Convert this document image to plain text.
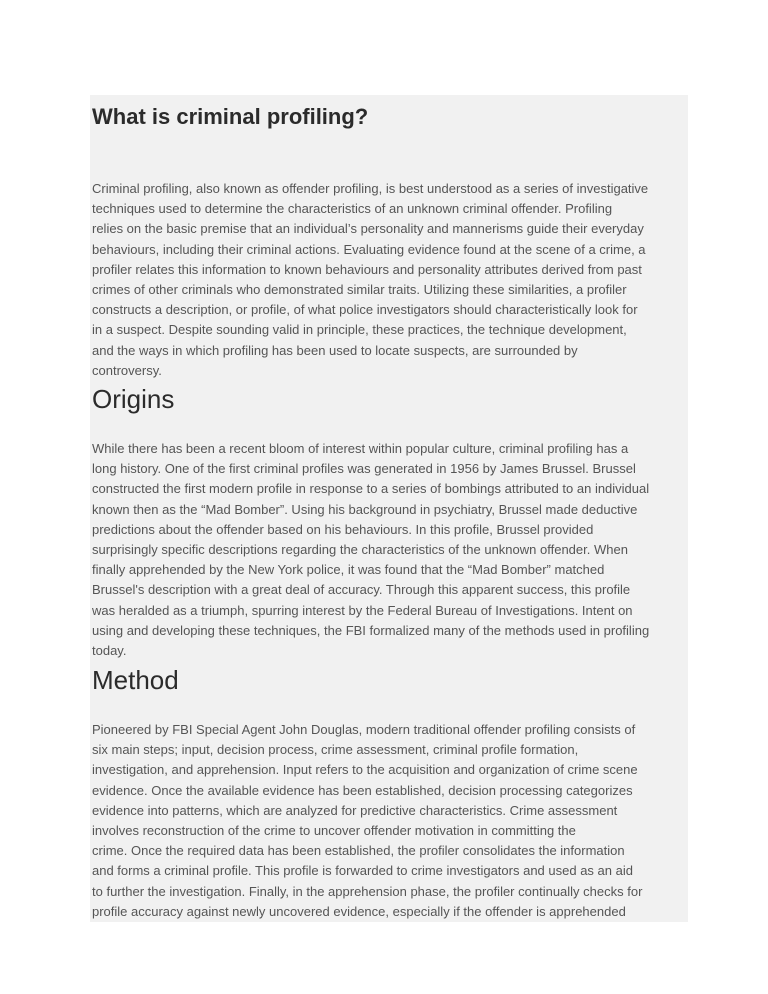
What is criminal profiling?
Criminal profiling, also known as offender profiling, is best understood as a series of investigative
techniques used to determine the characteristics of an unknown criminal offender. Profiling
relies on the basic premise that an individual’s personality and mannerisms guide their everyday
behaviours, including their criminal actions. Evaluating evidence found at the scene of a crime, a
profiler relates this information to known behaviours and personality attributes derived from past
crimes of other criminals who demonstrated similar traits. Utilizing these similarities, a profiler
constructs a description, or profile, of what police investigators should characteristically look for
in a suspect. Despite sounding valid in principle, these practices, the technique development,
and the ways in which profiling has been used to locate suspects, are surrounded by
controversy.
Origins
While there has been a recent bloom of interest within popular culture, criminal profiling has a
long history. One of the first criminal profiles was generated in 1956 by James Brussel. Brussel
constructed the first modern profile in response to a series of bombings attributed to an individual
known then as the “Mad Bomber”. Using his background in psychiatry, Brussel made deductive
predictions about the offender based on his behaviours. In this profile, Brussel provided
surprisingly specific descriptions regarding the characteristics of the unknown offender. When
finally apprehended by the New York police, it was found that the “Mad Bomber” matched
Brussel's description with a great deal of accuracy. Through this apparent success, this profile
was heralded as a triumph, spurring interest by the Federal Bureau of Investigations. Intent on
using and developing these techniques, the FBI formalized many of the methods used in profiling
today.
Method
Pioneered by FBI Special Agent John Douglas, modern traditional offender profiling consists of
six main steps; input, decision process, crime assessment, criminal profile formation,
investigation, and apprehension. Input refers to the acquisition and organization of crime scene
evidence. Once the available evidence has been established, decision processing categorizes
evidence into patterns, which are analyzed for predictive characteristics. Crime assessment
involves reconstruction of the crime to uncover offender motivation in committing the
crime. Once the required data has been established, the profiler consolidates the information
and forms a criminal profile. This profile is forwarded to crime investigators and used as an aid
to further the investigation. Finally, in the apprehension phase, the profiler continually checks for
profile accuracy against newly uncovered evidence, especially if the offender is apprehended
